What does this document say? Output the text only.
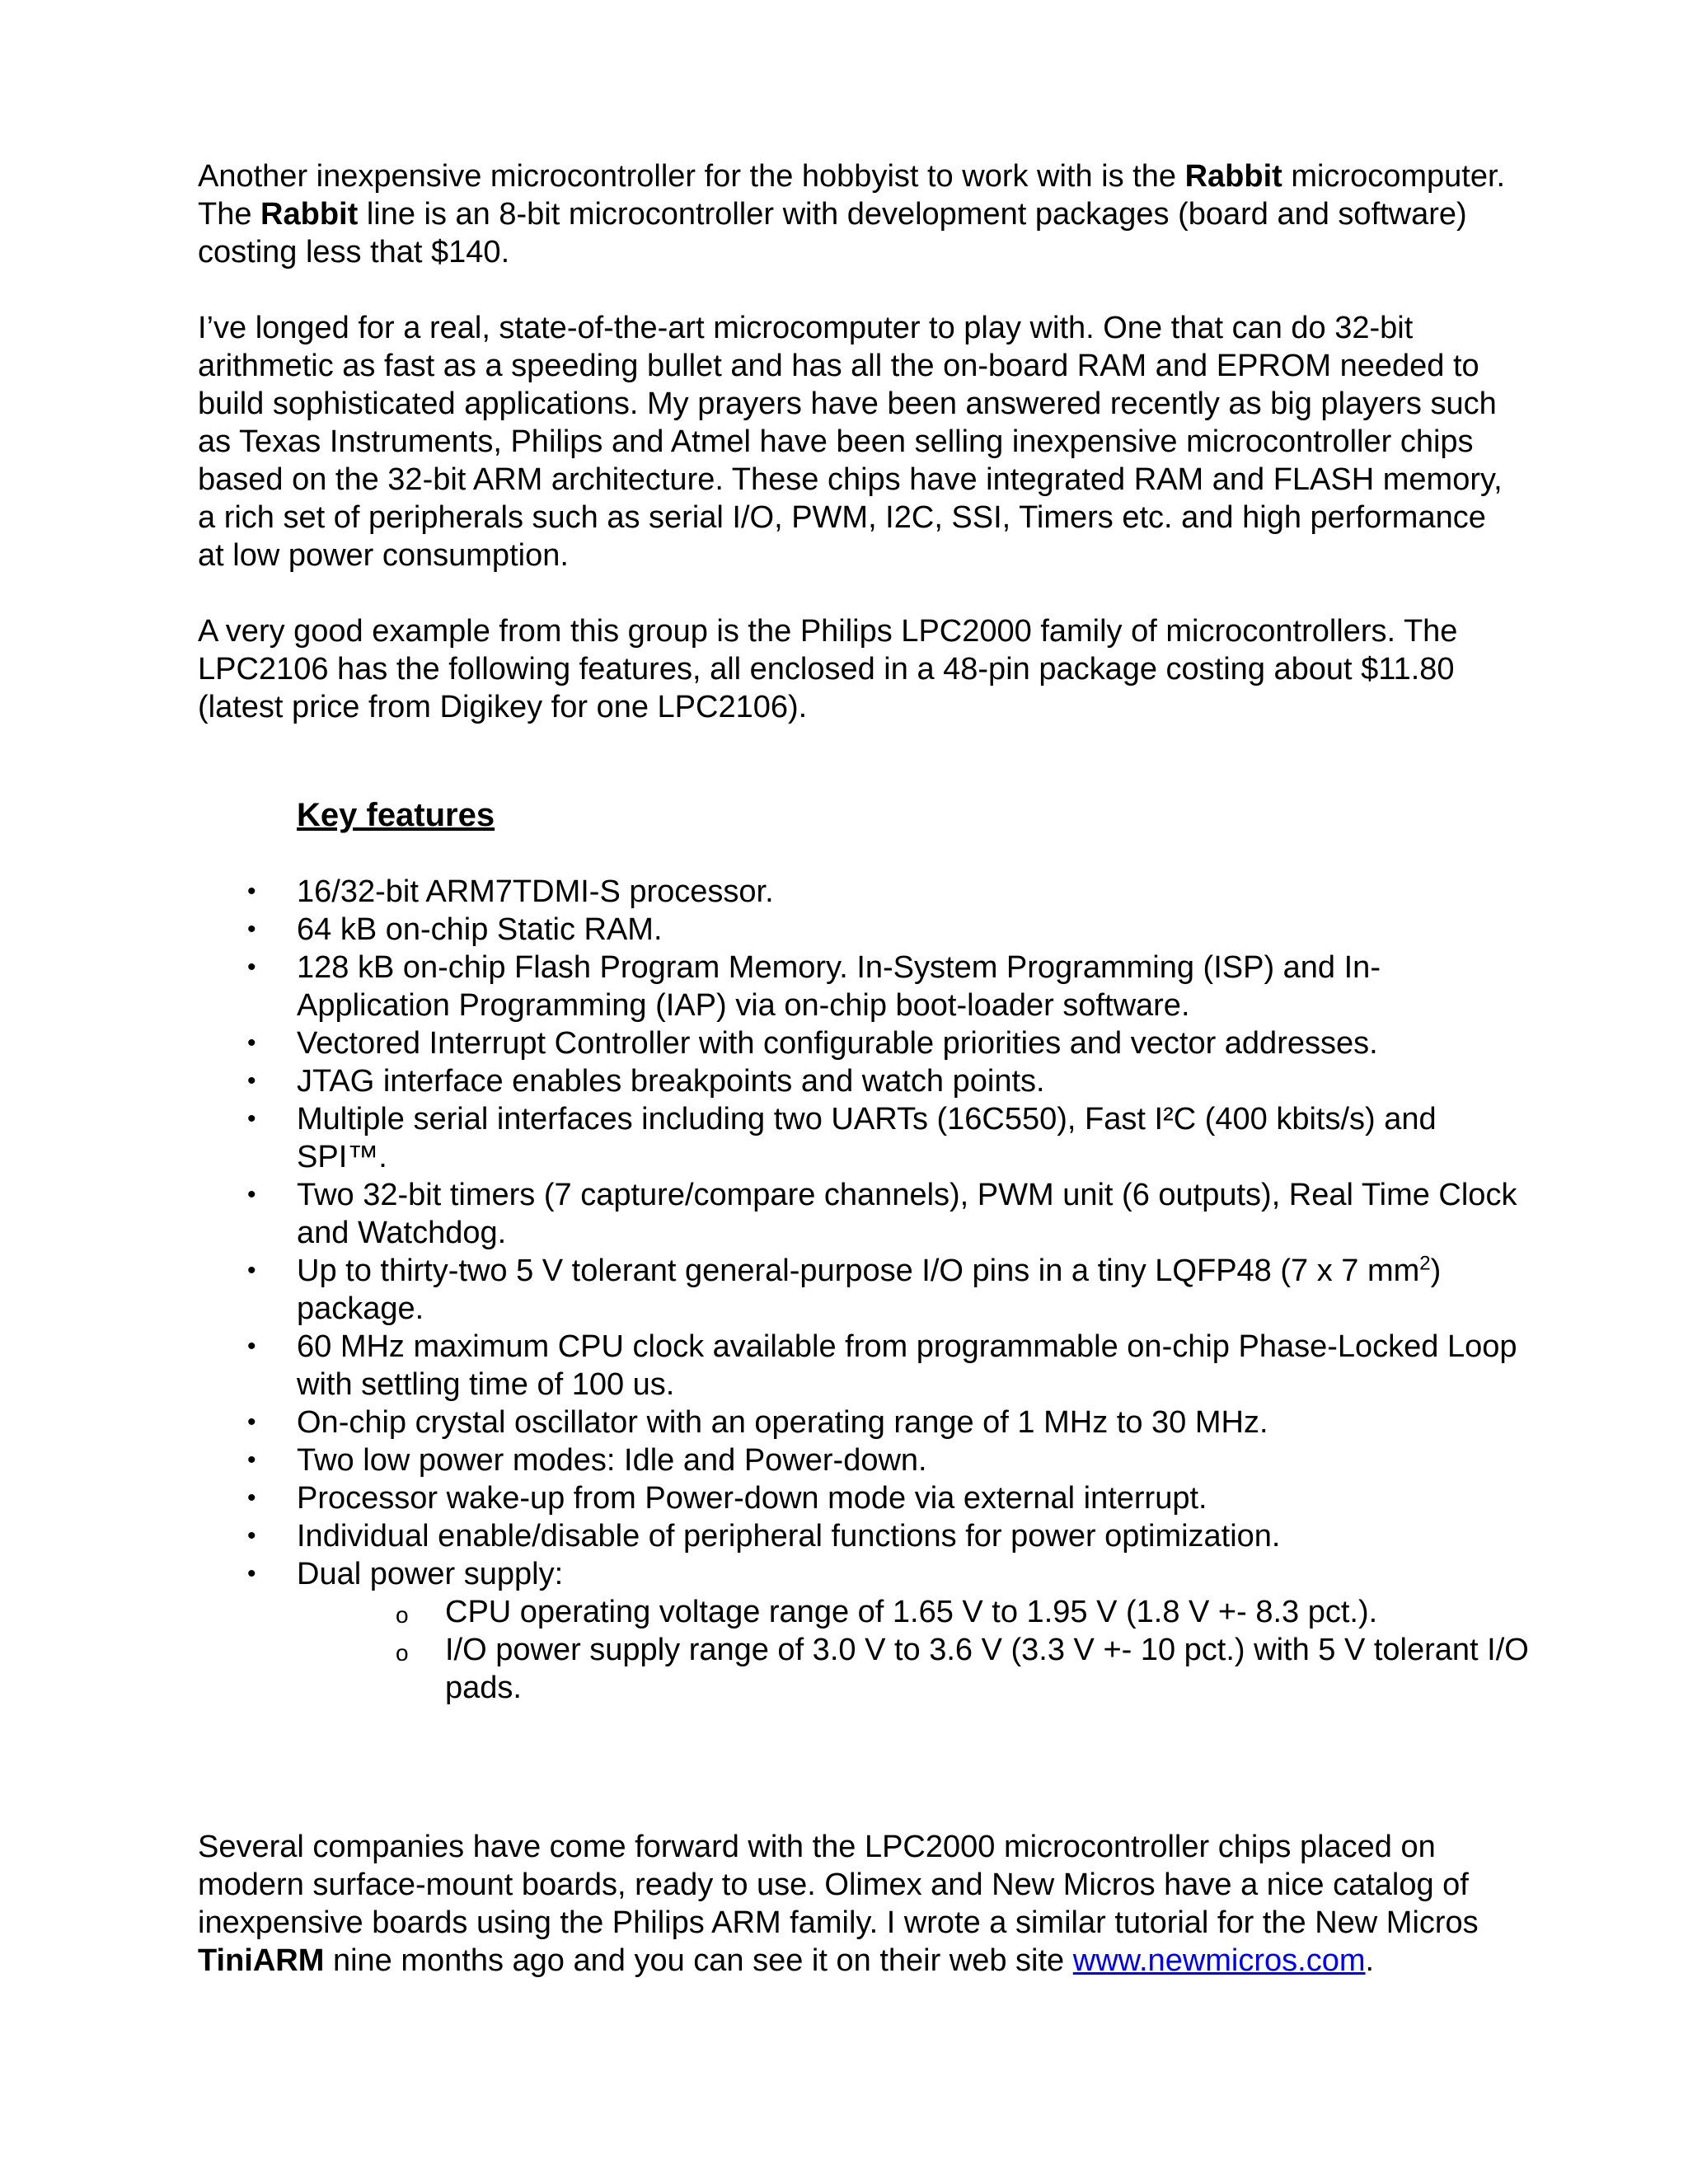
Another inexpensive microcontroller for the hobbyist to work with is the Rabbit microcomputer. The Rabbit line is an 8-bit microcontroller with development packages (board and software) costing less that $140.

I’ve longed for a real, state-of-the-art microcomputer to play with. One that can do 32-bit arithmetic as fast as a speeding bullet and has all the on-board RAM and EPROM needed to build sophisticated applications. My prayers have been answered recently as big players such as Texas Instruments, Philips and Atmel have been selling inexpensive microcontroller chips based on the 32-bit ARM architecture. These chips have integrated RAM and FLASH memory, a rich set of peripherals such as serial I/O, PWM, I2C, SSI, Timers etc. and high performance at low power consumption.

A very good example from this group is the Philips LPC2000 family of microcontrollers. The LPC2106 has the following features, all enclosed in a 48-pin package costing about $11.80 (latest price from Digikey for one LPC2106).

Key features
• 16/32-bit ARM7TDMI-S processor.
• 64 kB on-chip Static RAM.
• 128 kB on-chip Flash Program Memory. In-System Programming (ISP) and In-Application Programming (IAP) via on-chip boot-loader software.
• Vectored Interrupt Controller with configurable priorities and vector addresses.
• JTAG interface enables breakpoints and watch points.
• Multiple serial interfaces including two UARTs (16C550), Fast I²C (400 kbits/s) and SPI™.
• Two 32-bit timers (7 capture/compare channels), PWM unit (6 outputs), Real Time Clock and Watchdog.
• Up to thirty-two 5 V tolerant general-purpose I/O pins in a tiny LQFP48 (7 x 7 $mm^2$) package.
• 60 MHz maximum CPU clock available from programmable on-chip Phase-Locked Loop with settling time of 100 us.
• On-chip crystal oscillator with an operating range of 1 MHz to 30 MHz.
• Two low power modes: Idle and Power-down.
• Processor wake-up from Power-down mode via external interrupt.
• Individual enable/disable of peripheral functions for power optimization.
• Dual power supply:
o CPU operating voltage range of 1.65 V to 1.95 V (1.8 V +- 8.3 pct.).
o I/O power supply range of 3.0 V to 3.6 V (3.3 V +- 10 pct.) with 5 V tolerant I/O pads.

Several companies have come forward with the LPC2000 microcontroller chips placed on modern surface-mount boards, ready to use. Olimex and New Micros have a nice catalog of inexpensive boards using the Philips ARM family. I wrote a similar tutorial for the New Micros TiniARM nine months ago and you can see it on their web site www.newmicros.com.
